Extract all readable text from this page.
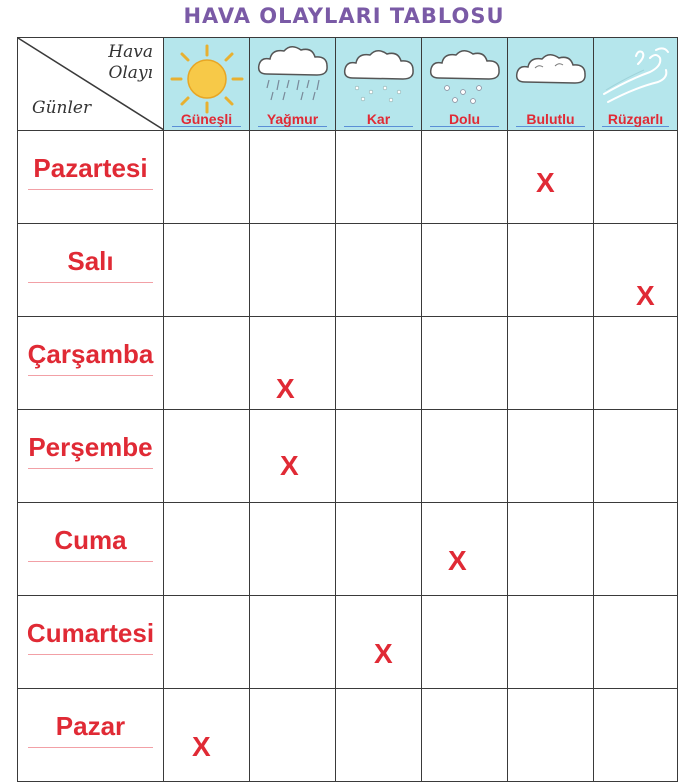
HAVA OLAYLARI TABLOSU
Hava
Olayı
Günler	Güneşli	Yağmur	Kar	Dolu	Bulutlu	Rüzgarlı

Pazartesi					X	

Salı						X

Çarşamba		X				

Perşembe		X				

Cuma				X		

Cumartesi			X			

Pazar	X					
